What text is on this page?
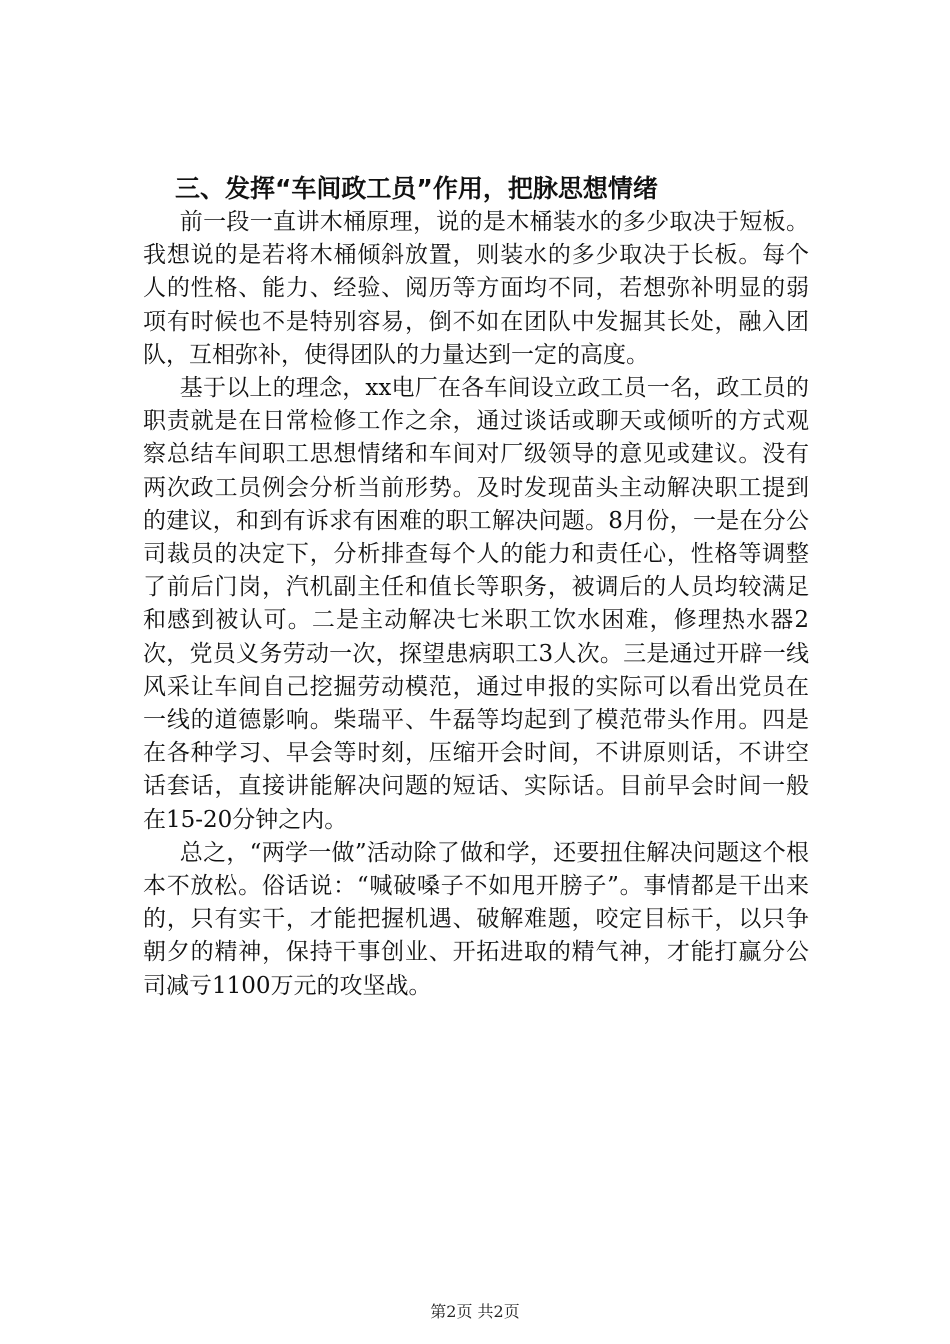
三、发挥“车间政工员”作用，把脉思想情绪

前一段一直讲木桶原理，说的是木桶装水的多少取决于短板。我想说的是若将木桶倾斜放置，则装水的多少取决于长板。每个人的性格、能力、经验、阅历等方面均不同，若想弥补明显的弱项有时候也不是特别容易，倒不如在团队中发掘其长处，融入团队，互相弥补，使得团队的力量达到一定的高度。

基于以上的理念，xx电厂在各车间设立政工员一名，政工员的职责就是在日常检修工作之余，通过谈话或聊天或倾听的方式观察总结车间职工思想情绪和车间对厂级领导的意见或建议。没有两次政工员例会分析当前形势。及时发现苗头主动解决职工提到的建议，和到有诉求有困难的职工解决问题。8月份，一是在分公司裁员的决定下，分析排查每个人的能力和责任心，性格等调整了前后门岗，汽机副主任和值长等职务，被调后的人员均较满足和感到被认可。二是主动解决七米职工饮水困难，修理热水器2次，党员义务劳动一次，探望患病职工3人次。三是通过开辟一线风采让车间自己挖掘劳动模范，通过申报的实际可以看出党员在一线的道德影响。柴瑞平、牛磊等均起到了模范带头作用。四是在各种学习、早会等时刻，压缩开会时间，不讲原则话，不讲空话套话，直接讲能解决问题的短话、实际话。目前早会时间一般在15-20分钟之内。

总之，“两学一做”活动除了做和学，还要扭住解决问题这个根本不放松。俗话说：“喊破嗓子不如甩开膀子”。事情都是干出来的，只有实干，才能把握机遇、破解难题，咬定目标干，以只争朝夕的精神，保持干事创业、开拓进取的精气神，才能打赢分公司减亏1100万元的攻坚战。

第2页 共2页
